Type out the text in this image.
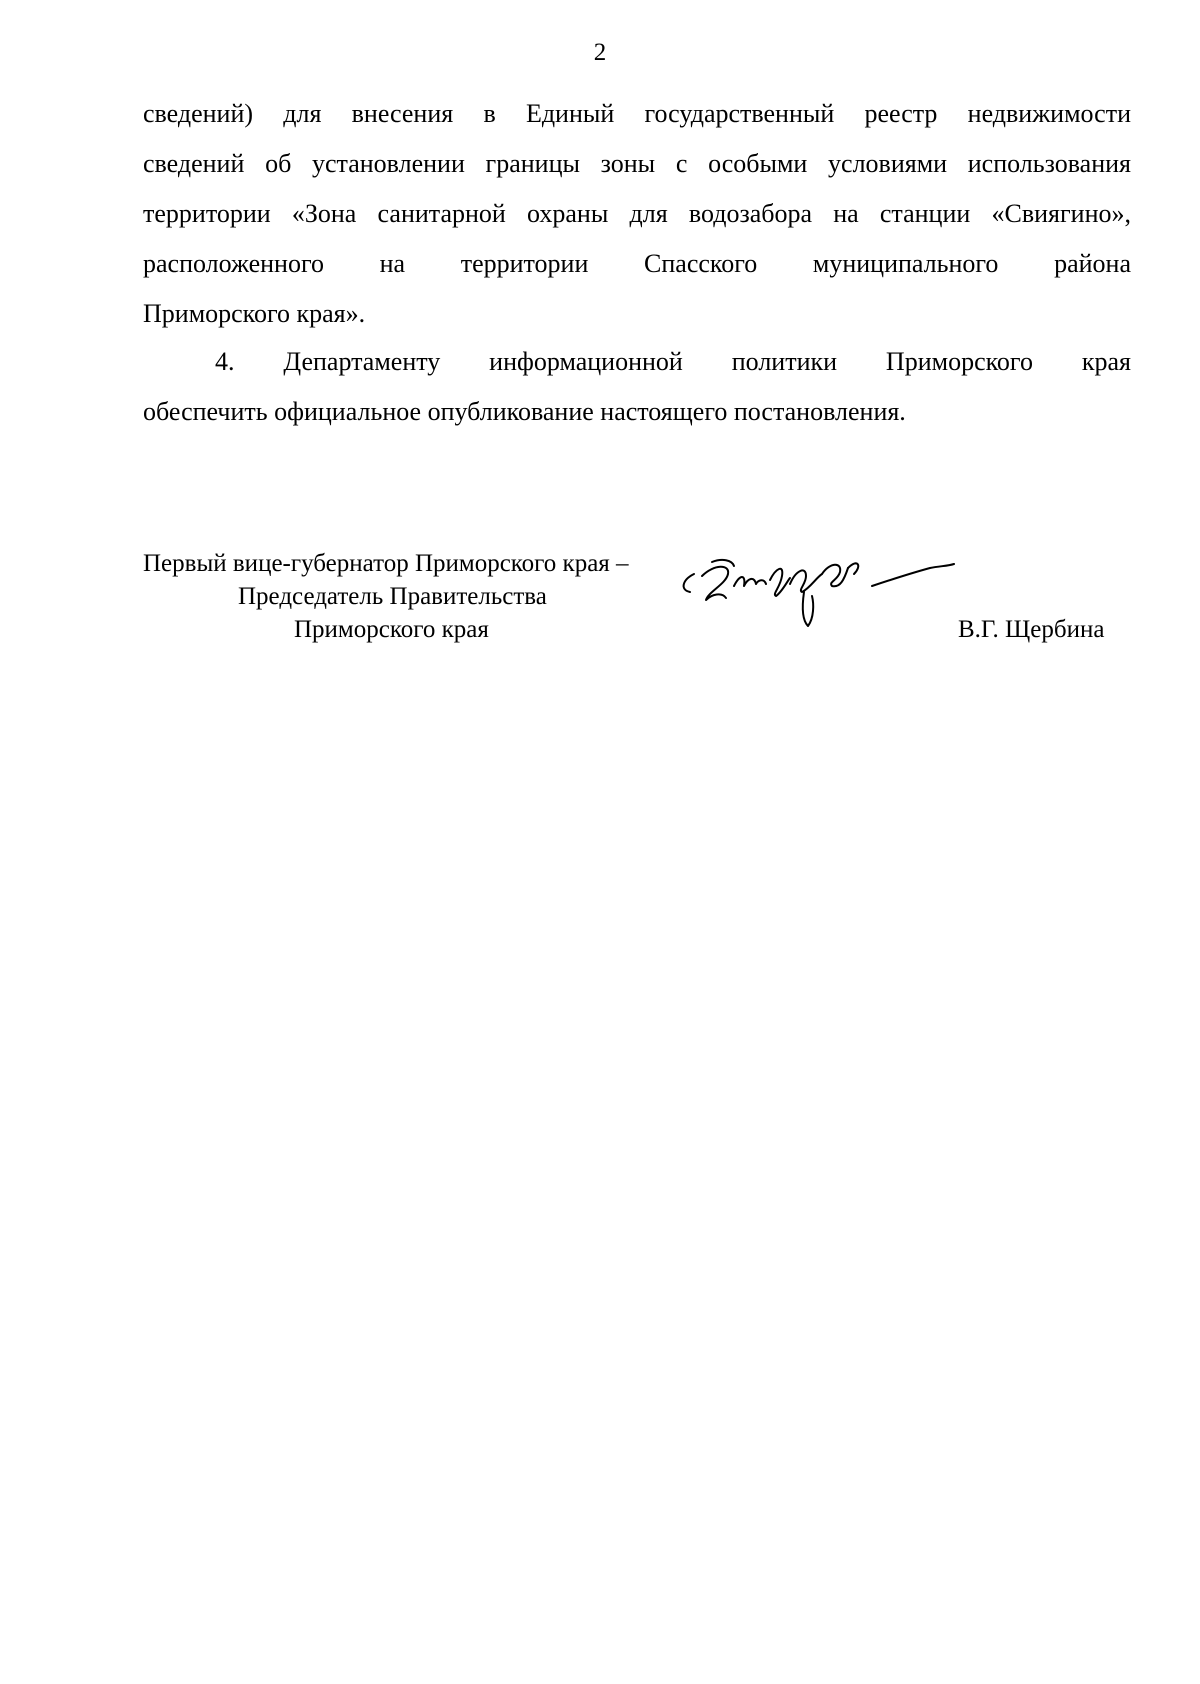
2
сведений) для внесения в Единый государственный реестр недвижимости
сведений об установлении границы зоны с особыми условиями использования
территории «Зона санитарной охраны для водозабора на станции «Свиягино»,
расположенного на территории Спасского муниципального района
Приморского края».
4. Департаменту информационной политики Приморского края
обеспечить официальное опубликование настоящего постановления.
Первый вице-губернатор Приморского края –
Председатель Правительства
Приморского края	В.Г. Щербина
